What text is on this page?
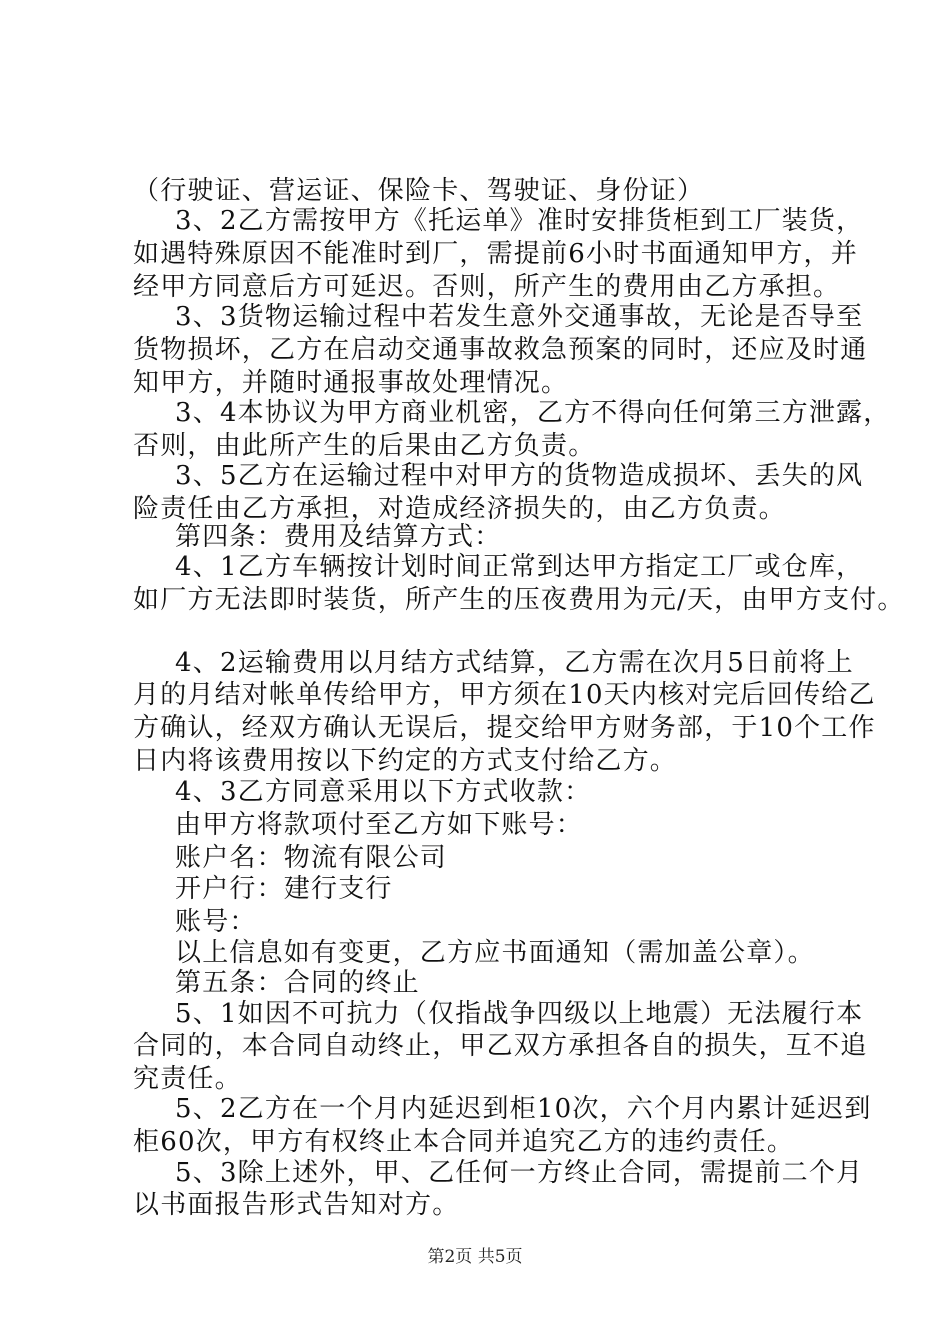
（行驶证、营运证、保险卡、驾驶证、身份证）
3、2乙方需按甲方《托运单》准时安排货柜到工厂装货，
如遇特殊原因不能准时到厂，需提前6小时书面通知甲方，并
经甲方同意后方可延迟。否则，所产生的费用由乙方承担。
3、3货物运输过程中若发生意外交通事故，无论是否导至
货物损坏，乙方在启动交通事故救急预案的同时，还应及时通
知甲方，并随时通报事故处理情况。
3、4本协议为甲方商业机密，乙方不得向任何第三方泄露，
否则，由此所产生的后果由乙方负责。
3、5乙方在运输过程中对甲方的货物造成损坏、丢失的风
险责任由乙方承担，对造成经济损失的，由乙方负责。
第四条：费用及结算方式：
4、1乙方车辆按计划时间正常到达甲方指定工厂或仓库，
如厂方无法即时装货，所产生的压夜费用为元/天，由甲方支付。
4、2运输费用以月结方式结算，乙方需在次月5日前将上
月的月结对帐单传给甲方，甲方须在10天内核对完后回传给乙
方确认，经双方确认无误后，提交给甲方财务部，于10个工作
日内将该费用按以下约定的方式支付给乙方。
4、3乙方同意采用以下方式收款：
由甲方将款项付至乙方如下账号：
账户名：物流有限公司
开户行：建行支行
账号：
以上信息如有变更，乙方应书面通知（需加盖公章）。
第五条：合同的终止
5、1如因不可抗力（仅指战争四级以上地震）无法履行本
合同的，本合同自动终止，甲乙双方承担各自的损失，互不追
究责任。
5、2乙方在一个月内延迟到柜10次，六个月内累计延迟到
柜60次，甲方有权终止本合同并追究乙方的违约责任。
5、3除上述外，甲、乙任何一方终止合同，需提前二个月
以书面报告形式告知对方。
第2页 共5页
